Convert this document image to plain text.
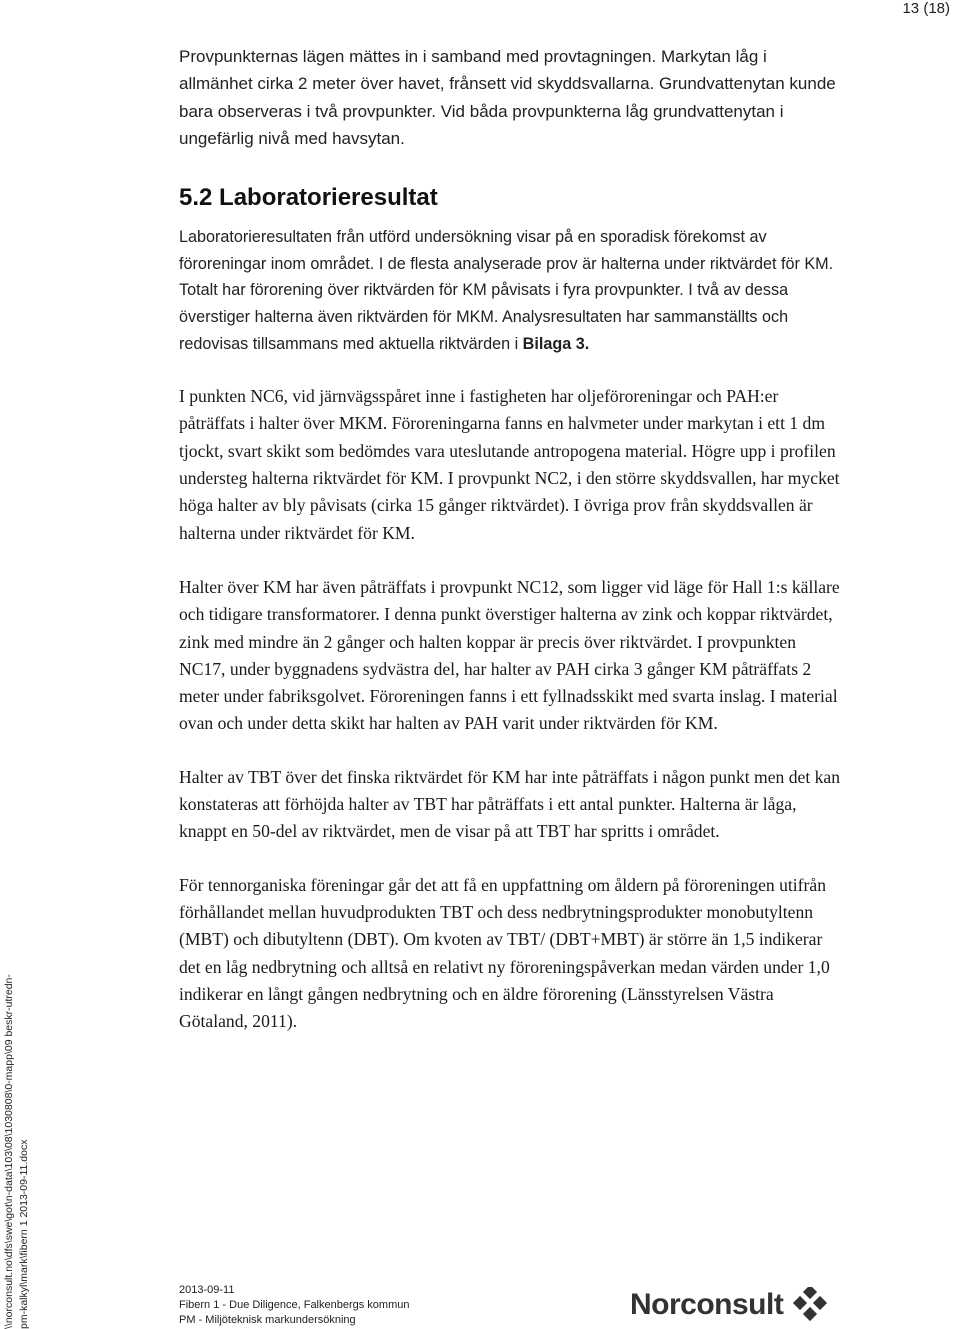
13 (18)

Provpunkternas lägen mättes in i samband med provtagningen. Markytan låg i allmänhet cirka 2 meter över havet, frånsett vid skyddsvallarna. Grundvattenytan kunde bara observeras i två provpunkter. Vid båda provpunkterna låg grundvattenytan i ungefärlig nivå med havsytan.

5.2 Laboratorieresultat

Laboratorieresultaten från utförd undersökning visar på en sporadisk förekomst av föroreningar inom området. I de flesta analyserade prov är halterna under riktvärdet för KM. Totalt har förorening över riktvärden för KM påvisats i fyra provpunkter. I två av dessa överstiger halterna även riktvärden för MKM. Analysresultaten har sammanställts och redovisas tillsammans med aktuella riktvärden i Bilaga 3.

I punkten NC6, vid järnvägsspåret inne i fastigheten har oljeföroreningar och PAH:er påträffats i halter över MKM. Föroreningarna fanns en halvmeter under markytan i ett 1 dm tjockt, svart skikt som bedömdes vara uteslutande antropogena material. Högre upp i profilen understeg halterna riktvärdet för KM. I provpunkt NC2, i den större skyddsvallen, har mycket höga halter av bly påvisats (cirka 15 gånger riktvärdet). I övriga prov från skyddsvallen är halterna under riktvärdet för KM.

Halter över KM har även påträffats i provpunkt NC12, som ligger vid läge för Hall 1:s källare och tidigare transformatorer. I denna punkt överstiger halterna av zink och koppar riktvärdet, zink med mindre än 2 gånger och halten koppar är precis över riktvärdet. I provpunkten NC17, under byggnadens sydvästra del, har halter av PAH cirka 3 gånger KM påträffats 2 meter under fabriksgolvet. Föroreningen fanns i ett fyllnadsskikt med svarta inslag. I material ovan och under detta skikt har halten av PAH varit under riktvärden för KM.

Halter av TBT över det finska riktvärdet för KM har inte påträffats i någon punkt men det kan konstateras att förhöjda halter av TBT har påträffats i ett antal punkter. Halterna är låga, knappt en 50-del av riktvärdet, men de visar på att TBT har spritts i området.

För tennorganiska föreningar går det att få en uppfattning om åldern på föroreningen utifrån förhållandet mellan huvudprodukten TBT och dess nedbrytningsprodukter monobutyltenn (MBT) och dibutyltenn (DBT). Om kvoten av TBT/ (DBT+MBT) är större än 1,5 indikerar det en låg nedbrytning och alltså en relativt ny föroreningspåverkan medan värden under 1,0 indikerar en långt gången nedbrytning och en äldre förorening (Länsstyrelsen Västra Götaland, 2011).

\\norconsult.no\dfs\swe\got\n-data\103\08\1030808\0-mapp\09 beskr-utredn- pm-kalkyl\mark\fibern 1 2013-09-11.docx	2013-09-11
Fibern 1 - Due Diligence, Falkenbergs kommun
PM - Miljöteknisk markundersökning	Norconsult
